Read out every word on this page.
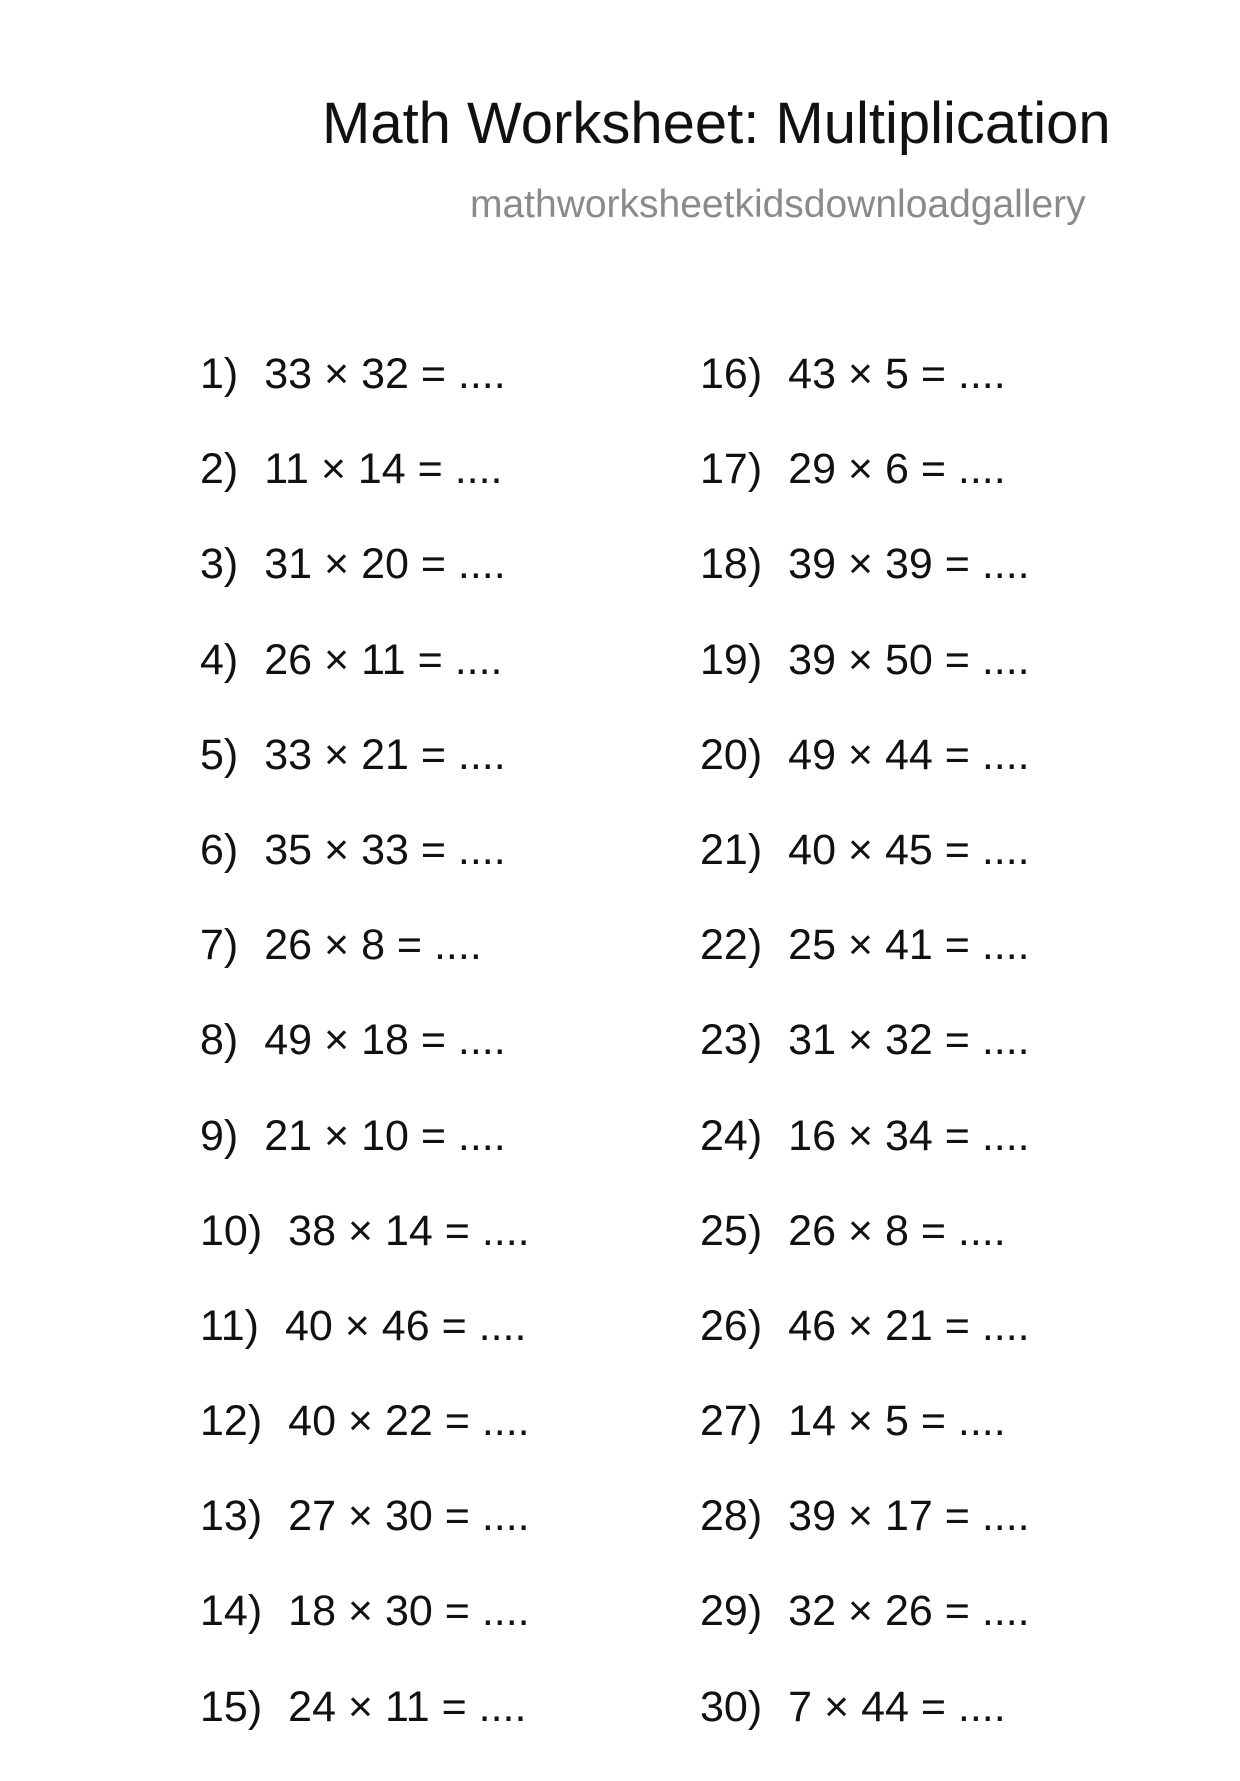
Math Worksheet: Multiplication
mathworksheetkidsdownloadgallery
1) 33 × 32 = ....
2) 11 × 14 = ....
3) 31 × 20 = ....
4) 26 × 11 = ....
5) 33 × 21 = ....
6) 35 × 33 = ....
7) 26 × 8 = ....
8) 49 × 18 = ....
9) 21 × 10 = ....
10) 38 × 14 = ....
11) 40 × 46 = ....
12) 40 × 22 = ....
13) 27 × 30 = ....
14) 18 × 30 = ....
15) 24 × 11 = ....
16) 43 × 5 = ....
17) 29 × 6 = ....
18) 39 × 39 = ....
19) 39 × 50 = ....
20) 49 × 44 = ....
21) 40 × 45 = ....
22) 25 × 41 = ....
23) 31 × 32 = ....
24) 16 × 34 = ....
25) 26 × 8 = ....
26) 46 × 21 = ....
27) 14 × 5 = ....
28) 39 × 17 = ....
29) 32 × 26 = ....
30) 7 × 44 = ....
